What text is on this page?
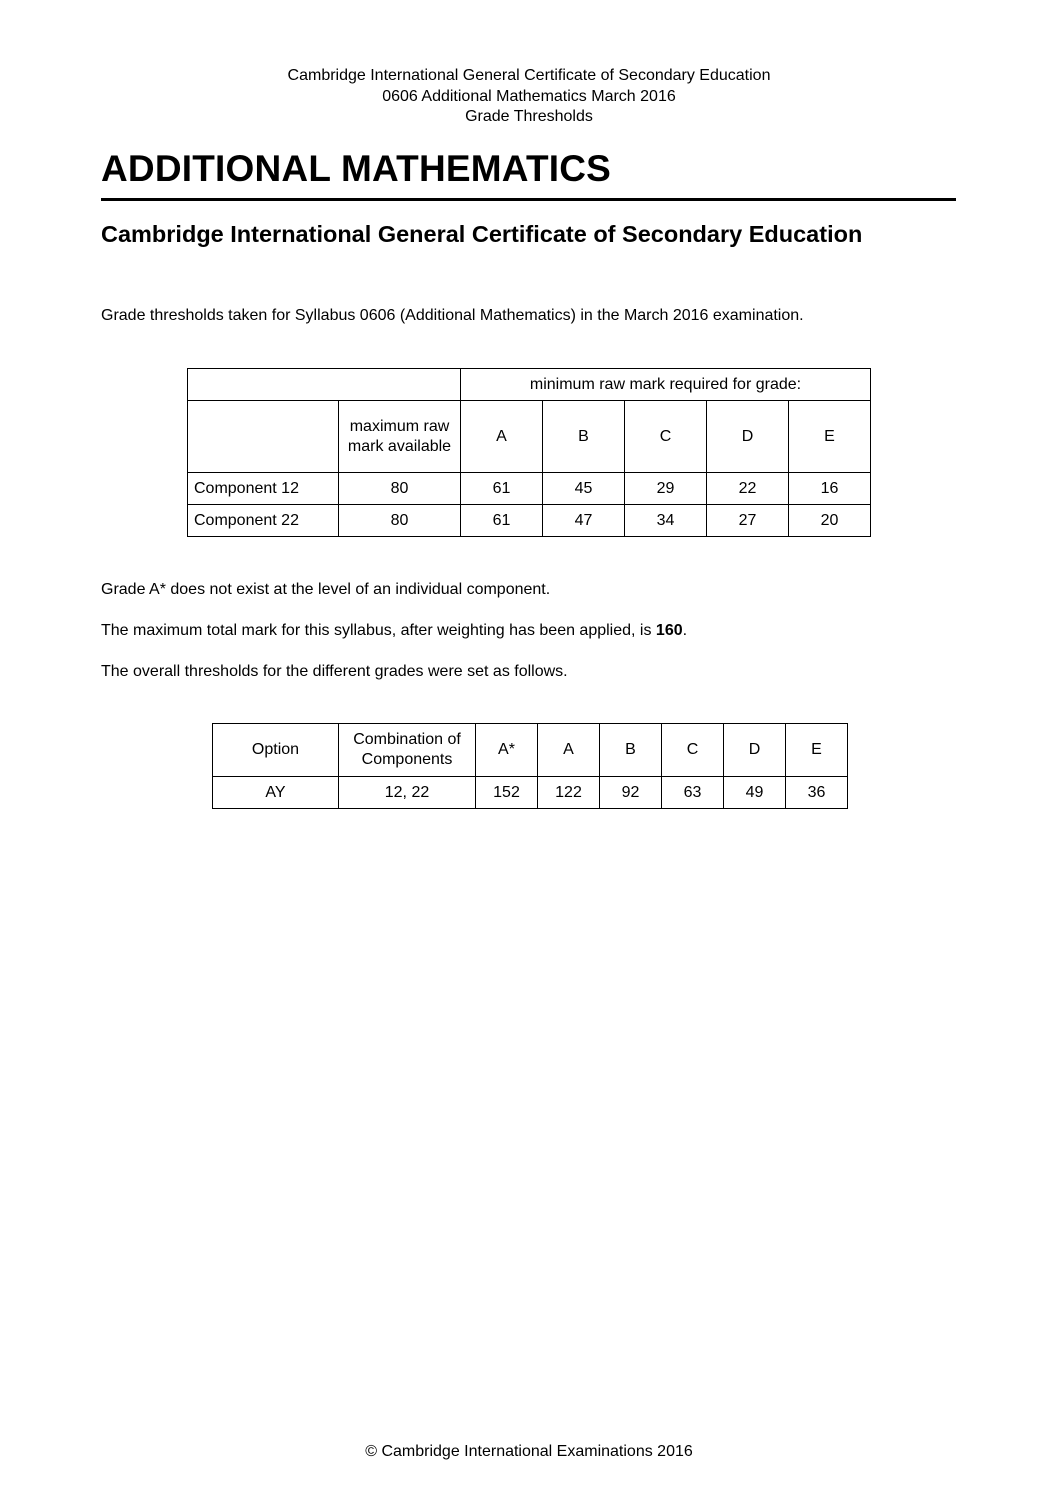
Cambridge International General Certificate of Secondary Education
0606 Additional Mathematics March 2016
Grade Thresholds
ADDITIONAL MATHEMATICS
Cambridge International General Certificate of Secondary Education

Grade thresholds taken for Syllabus 0606 (Additional Mathematics) in the March 2016 examination.

		minimum raw mark required for grade:				
	maximum raw mark available	A	B	C	D	E
Component 12	80	61	45	29	22	16
Component 22	80	61	47	34	27	20

Grade A* does not exist at the level of an individual component.

The maximum total mark for this syllabus, after weighting has been applied, is 160.

The overall thresholds for the different grades were set as follows.

Option	Combination of Components	A*	A	B	C	D	E
AY	12, 22	152	122	92	63	49	36
© Cambridge International Examinations 2016
